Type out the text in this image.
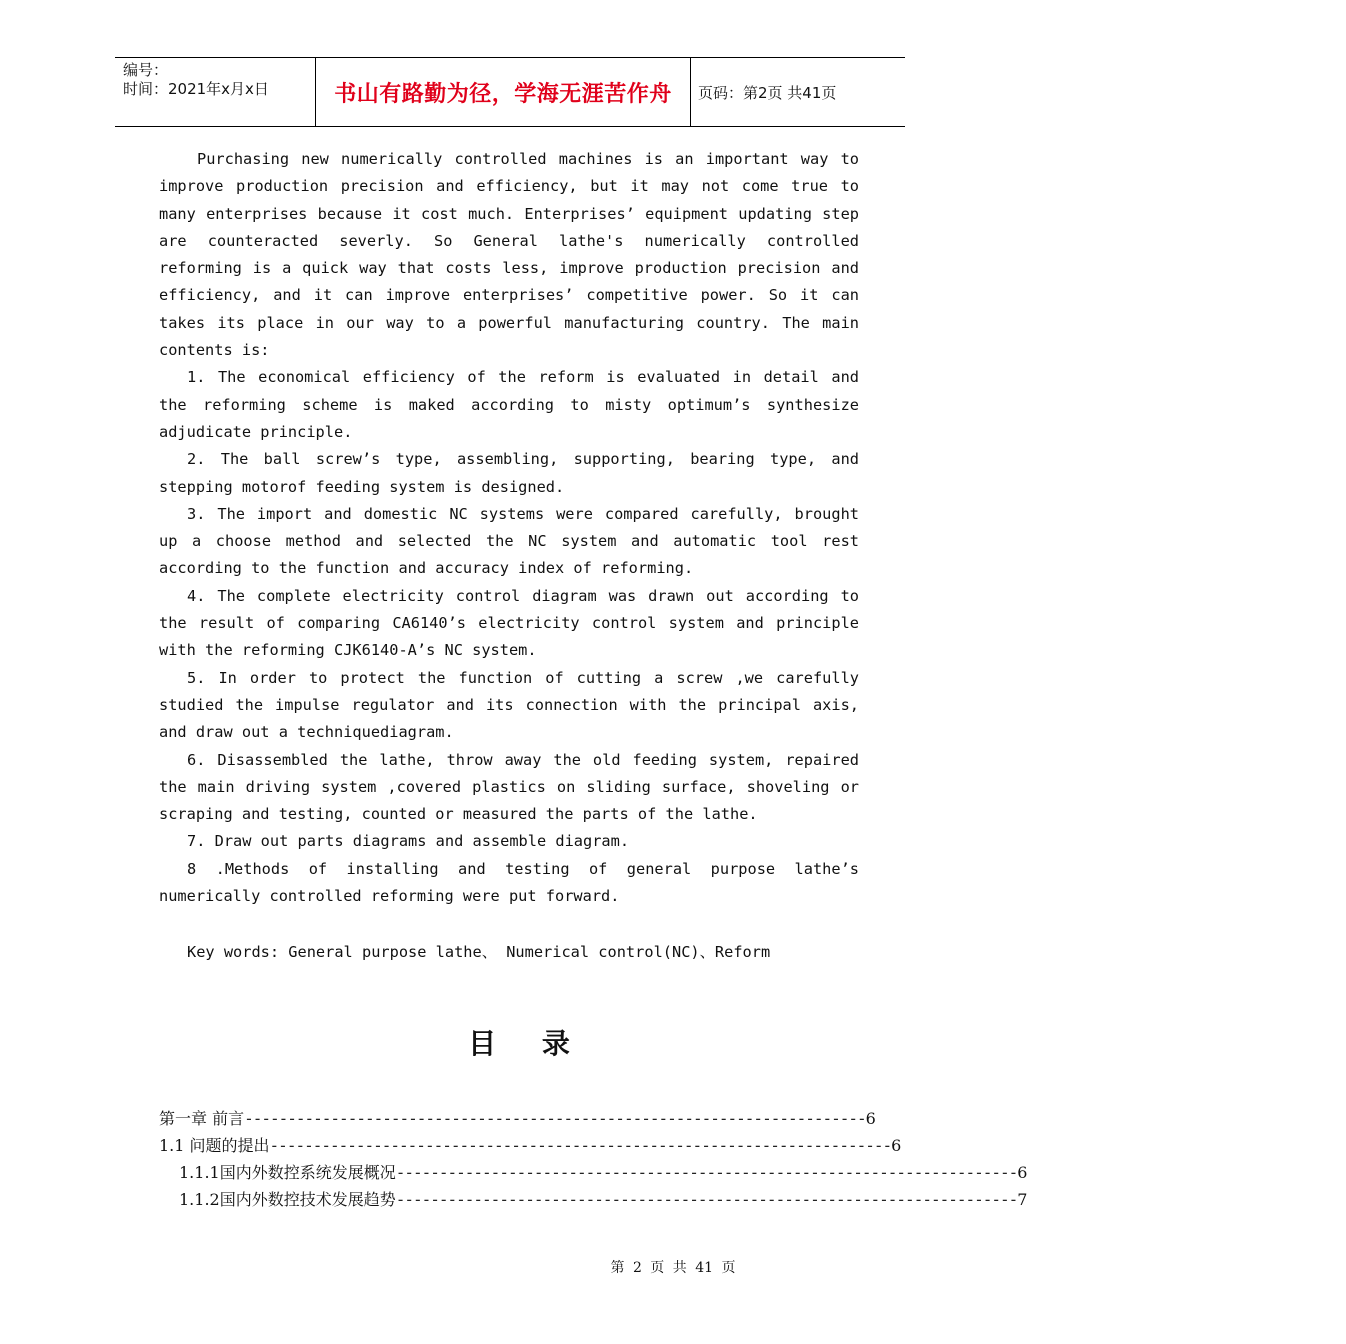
编号：
时间：2021年x月x日	书山有路勤为径，学海无涯苦作舟 页码：第2页 共41页

Purchasing new numerically controlled machines is an important way to improve production precision and efficiency, but it may not come true to many enterprises because it cost much. Enterprises’ equipment updating step are counteracted severly. So General lathe's numerically controlled reforming is a quick way that costs less, improve production precision and efficiency, and it can improve enterprises’ competitive power. So it can takes its place in our way to a powerful manufacturing country. The main contents is:

1. The economical efficiency of the reform is evaluated in detail and the reforming scheme is maked according to misty optimum’s synthesize adjudicate principle.

2. The ball screw’s type, assembling, supporting, bearing type, and stepping motorof feeding system is designed.

3. The import and domestic NC systems were compared carefully, brought up a choose method and selected the NC system and automatic tool rest according to the function and accuracy index of reforming.

4. The complete electricity control diagram was drawn out according to the result of comparing CA6140’s electricity control system and principle with the reforming CJK6140-A’s NC system.

5. In order to protect the function of cutting a screw ,we carefully studied the impulse regulator and its connection with the principal axis, and draw out a techniquediagram.

6. Disassembled the lathe, throw away the old feeding system, repaired the main driving system ,covered plastics on sliding surface, shoveling or scraping and testing, counted or measured the parts of the lathe.

7. Draw out parts diagrams and assemble diagram.

8 .Methods of installing and testing of general purpose lathe’s numerically controlled reforming were put forward.

Key words: General purpose lathe、 Numerical control(NC)、Reform
目 录
第一章 前言 ------------------------------------------------------------------------ 6
1.1 问题的提出 ------------------------------------------------------------------------ 6
1.1.1国内外数控系统发展概况 ------------------------------------------------------------------------ 6
1.1.2国内外数控技术发展趋势 ------------------------------------------------------------------------ 7
第 2 页 共 41 页
